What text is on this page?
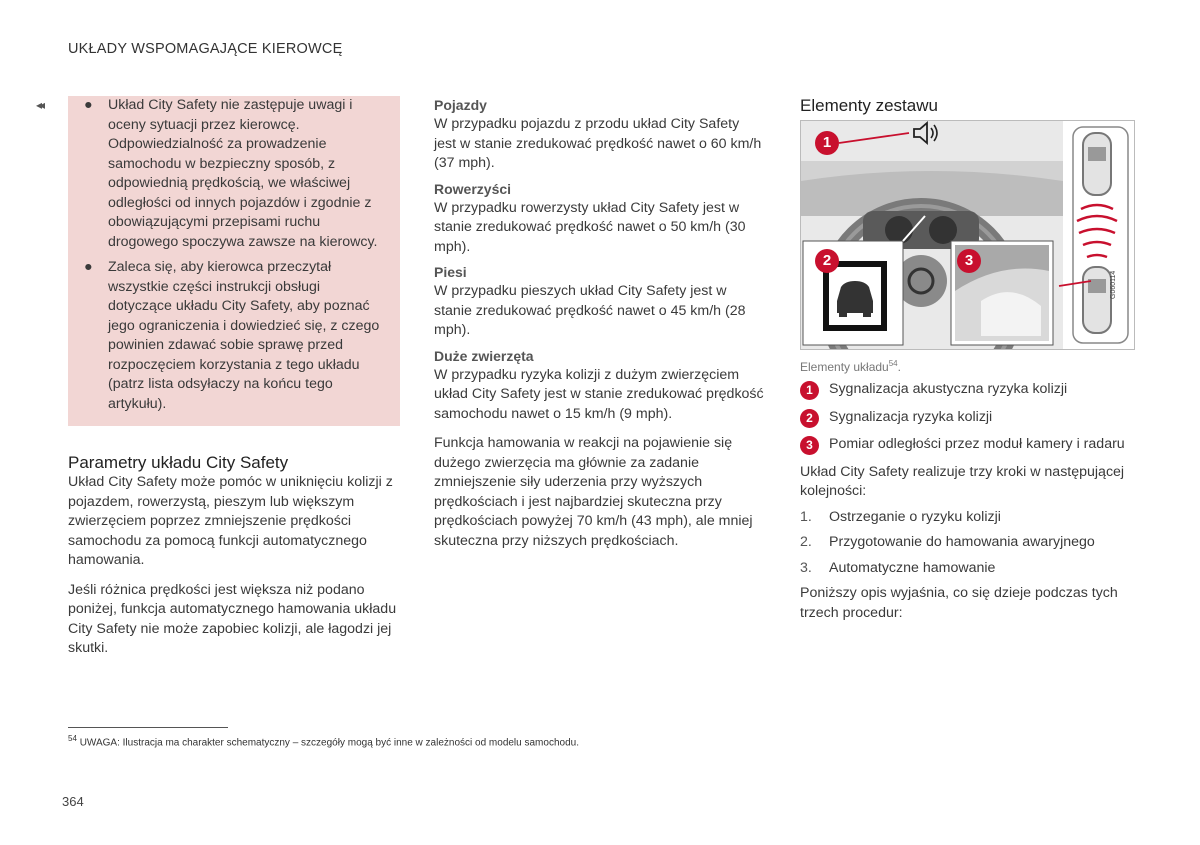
UKŁADY WSPOMAGAJĄCE KIEROWCĘ
◂◂	● Układ City Safety nie zastępuje uwagi i oceny sytuacji przez kierowcę. Odpowiedzialność za prowadzenie samochodu w bezpieczny sposób, z odpowiednią prędkością, we właściwej odległości od innych pojazdów i zgodnie z obowiązującymi przepisami ruchu drogowego spoczywa zawsze na kierowcy.
● Zaleca się, aby kierowca przeczytał wszystkie części instrukcji obsługi dotyczące układu City Safety, aby poznać jego ograniczenia i dowiedzieć się, z czego powinien zdawać sobie sprawę przed rozpoczęciem korzystania z tego układu (patrz lista odsyłaczy na końcu tego artykułu).
Parametry układu City Safety

Układ City Safety może pomóc w uniknięciu kolizji z pojazdem, rowerzystą, pieszym lub większym zwierzęciem poprzez zmniejszenie prędkości samochodu za pomocą funkcji automatycznego hamowania.

Jeśli różnica prędkości jest większa niż podano poniżej, funkcja automatycznego hamowania układu City Safety nie może zapobiec kolizji, ale łagodzi jej skutki.

Pojazdy

W przypadku pojazdu z przodu układ City Safety jest w stanie zredukować prędkość nawet o 60 km/h (37 mph).

Rowerzyści

W przypadku rowerzysty układ City Safety jest w stanie zredukować prędkość nawet o 50 km/h (30 mph).

Piesi

W przypadku pieszych układ City Safety jest w stanie zredukować prędkość nawet o 45 km/h (28 mph).

Duże zwierzęta

W przypadku ryzyka kolizji z dużym zwierzęciem układ City Safety jest w stanie zredukować prędkość samochodu nawet o 15 km/h (9 mph).

Funkcja hamowania w reakcji na pojawienie się dużego zwierzęcia ma głównie za zadanie zmniejszenie siły uderzenia przy wyższych prędkościach i jest najbardziej skuteczna przy prędkościach powyżej 70 km/h (43 mph), ale mniej skuteczna przy niższych prędkościach.

Elementy zestawu
1
2	3
G060114
Elementy układu$^{54}$.
1	Sygnalizacja akustyczna ryzyka kolizji
2	Sygnalizacja ryzyka kolizji
3	Pomiar odległości przez moduł kamery i radaru

Układ City Safety realizuje trzy kroki w następującej kolejności:

1. Ostrzeganie o ryzyku kolizji
2. Przygotowanie do hamowania awaryjnego
3. Automatyczne hamowanie

Poniższy opis wyjaśnia, co się dzieje podczas tych trzech procedur:

$^{54}$ UWAGA: Ilustracja ma charakter schematyczny – szczegóły mogą być inne w zależności od modelu samochodu.
364
